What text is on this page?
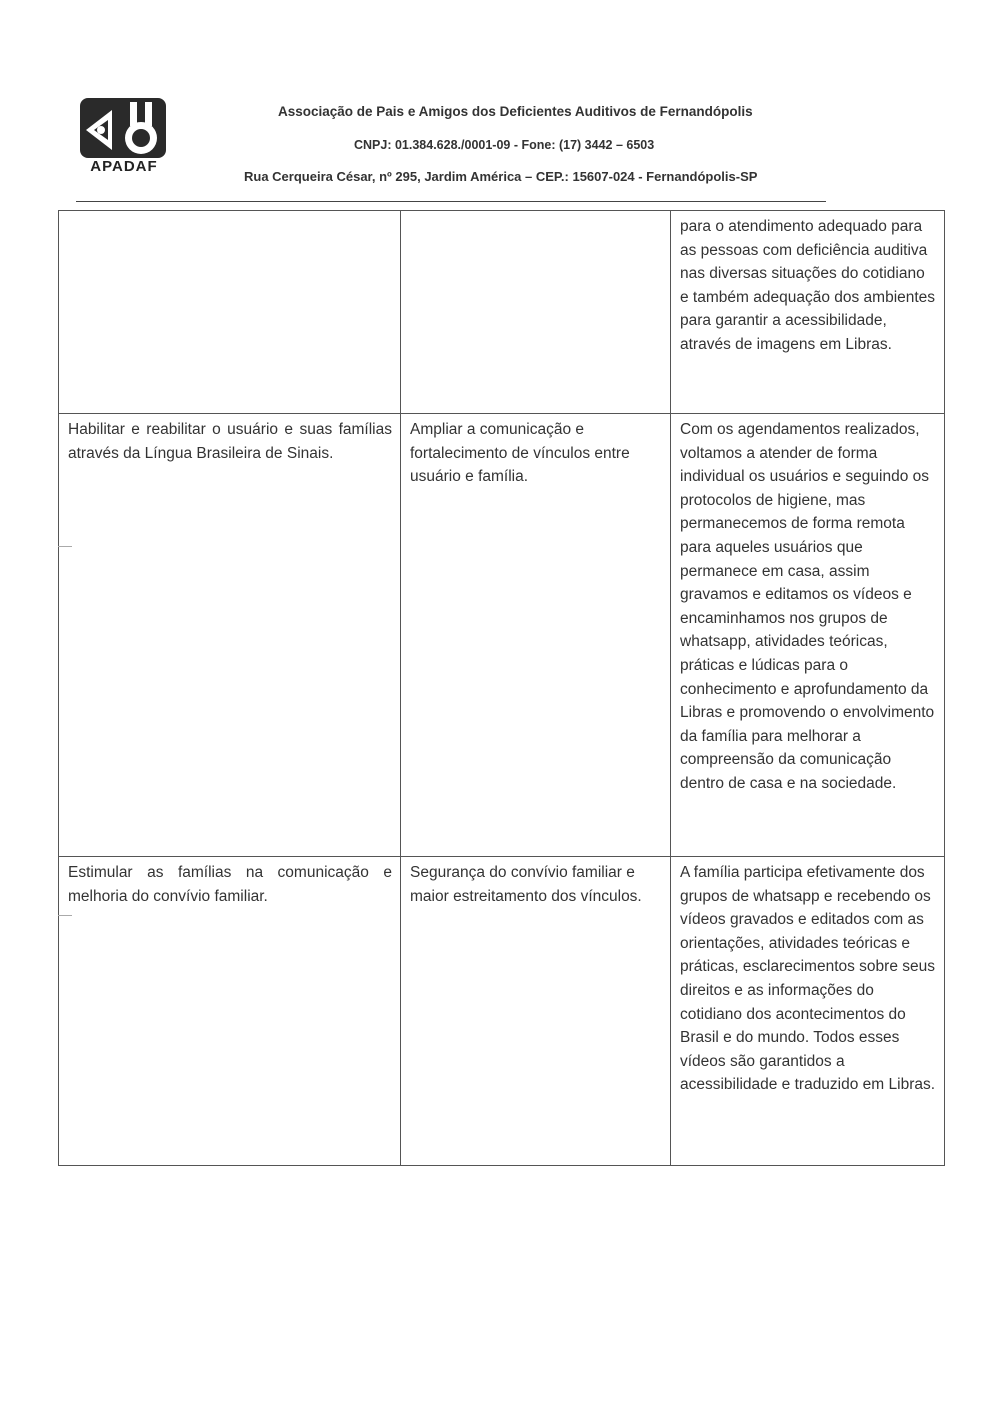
APADAF
Associação de Pais e Amigos dos Deficientes Auditivos de Fernandópolis
CNPJ: 01.384.628./0001-09 - Fone: (17) 3442 – 6503
Rua Cerqueira César, nº 295, Jardim América – CEP.: 15607-024 - Fernandópolis-SP

		para o atendimento adequado para as pessoas com deficiência auditiva nas diversas situações do cotidiano e também adequação dos ambientes para garantir a acessibilidade, através de imagens em Libras.

Habilitar e reabilitar o usuário e suas famílias através da Língua Brasileira de Sinais.	Ampliar a comunicação e fortalecimento de vínculos entre usuário e família.	Com os agendamentos realizados, voltamos a atender de forma individual os usuários e seguindo os protocolos de higiene, mas permanecemos de forma remota para aqueles usuários que permanece em casa, assim gravamos e editamos os vídeos e encaminhamos nos grupos de whatsapp, atividades teóricas, práticas e lúdicas para o conhecimento e aprofundamento da Libras e promovendo o envolvimento da família para melhorar a compreensão da comunicação dentro de casa e na sociedade.

Estimular as famílias na comunicação e melhoria do convívio familiar.	Segurança do convívio familiar e maior estreitamento dos vínculos.	A família participa efetivamente dos grupos de whatsapp e recebendo os vídeos gravados e editados com as orientações, atividades teóricas e práticas, esclarecimentos sobre seus direitos e as informações do cotidiano dos acontecimentos do Brasil e do mundo. Todos esses vídeos são garantidos a acessibilidade e traduzido em Libras.
